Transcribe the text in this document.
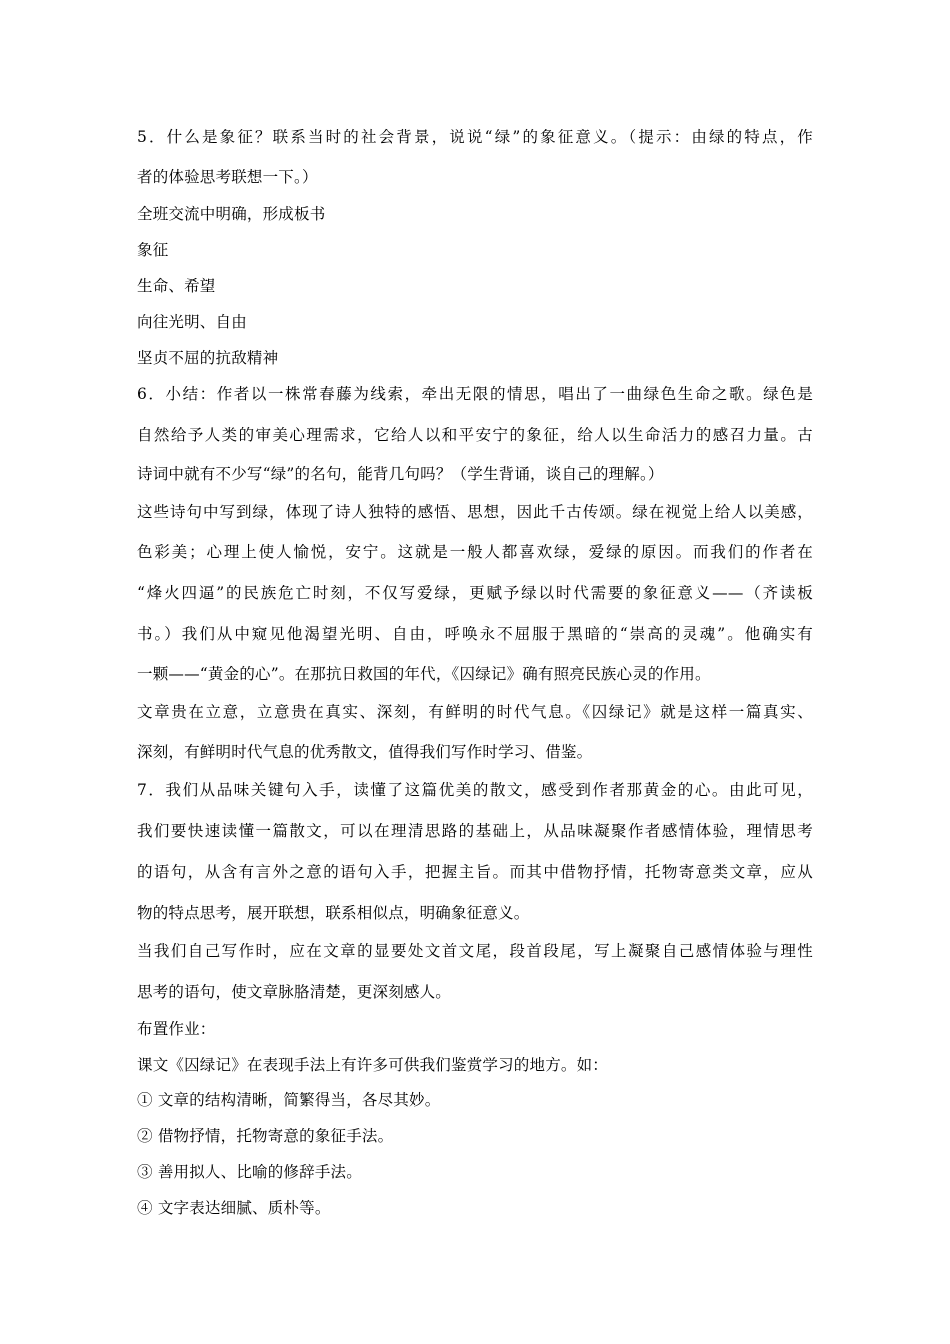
5．什么是象征？联系当时的社会背景，说说“绿”的象征意义。（提示：由绿的特点，作
者的体验思考联想一下。）
全班交流中明确，形成板书
象征
生命、希望
向往光明、自由
坚贞不屈的抗敌精神
6．小结：作者以一株常春藤为线索，牵出无限的情思，唱出了一曲绿色生命之歌。绿色是
自然给予人类的审美心理需求，它给人以和平安宁的象征，给人以生命活力的感召力量。古
诗词中就有不少写“绿”的名句，能背几句吗？（学生背诵，谈自己的理解。）
这些诗句中写到绿，体现了诗人独特的感悟、思想，因此千古传颂。绿在视觉上给人以美感，
色彩美；心理上使人愉悦，安宁。这就是一般人都喜欢绿，爱绿的原因。而我们的作者在
“烽火四逼”的民族危亡时刻，不仅写爱绿，更赋予绿以时代需要的象征意义——（齐读板
书。）我们从中窥见他渴望光明、自由，呼唤永不屈服于黑暗的“崇高的灵魂”。他确实有
一颗——“黄金的心”。在那抗日救国的年代，《囚绿记》确有照亮民族心灵的作用。
文章贵在立意，立意贵在真实、深刻，有鲜明的时代气息。《囚绿记》就是这样一篇真实、
深刻，有鲜明时代气息的优秀散文，值得我们写作时学习、借鉴。
7．我们从品味关键句入手，读懂了这篇优美的散文，感受到作者那黄金的心。由此可见，
我们要快速读懂一篇散文，可以在理清思路的基础上，从品味凝聚作者感情体验，理情思考
的语句，从含有言外之意的语句入手，把握主旨。而其中借物抒情，托物寄意类文章，应从
物的特点思考，展开联想，联系相似点，明确象征意义。
当我们自己写作时，应在文章的显要处文首文尾，段首段尾，写上凝聚自己感情体验与理性
思考的语句，使文章脉胳清楚，更深刻感人。
布置作业：
课文《囚绿记》在表现手法上有许多可供我们鉴赏学习的地方。如：
① 文章的结构清晰，简繁得当，各尽其妙。
② 借物抒情，托物寄意的象征手法。
③ 善用拟人、比喻的修辞手法。
④ 文字表达细腻、质朴等。
